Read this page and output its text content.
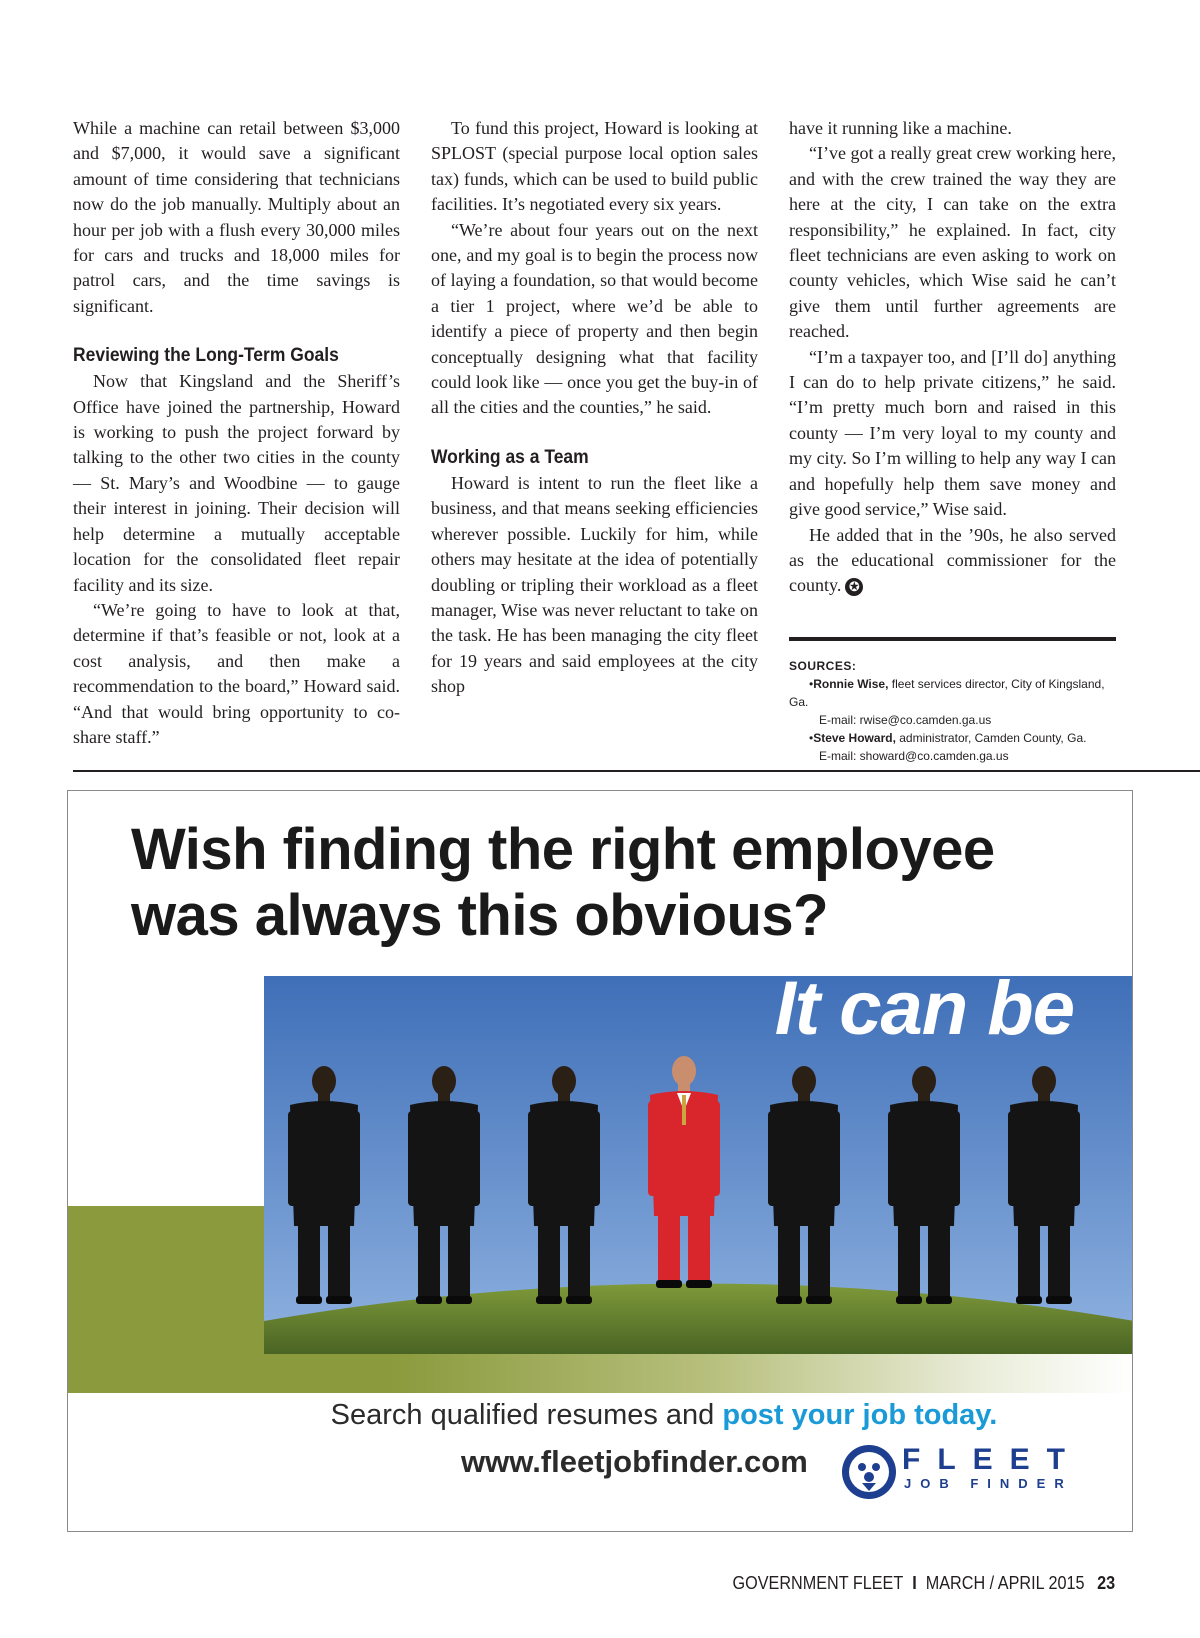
While a machine can retail between $3,000 and $7,000, it would save a significant amount of time considering that technicians now do the job manually. Multiply about an hour per job with a flush every 30,000 miles for cars and trucks and 18,000 miles for patrol cars, and the time savings is significant.

Reviewing the Long-Term Goals

Now that Kingsland and the Sheriff’s Office have joined the partnership, Howard is working to push the project forward by talking to the other two cities in the county — St. Mary’s and Woodbine — to gauge their interest in joining. Their decision will help determine a mutually acceptable location for the consolidated fleet repair facility and its size.

“We’re going to have to look at that, determine if that’s feasible or not, look at a cost analysis, and then make a recommendation to the board,” Howard said. “And that would bring opportunity to co-share staff.”

To fund this project, Howard is looking at SPLOST (special purpose local option sales tax) funds, which can be used to build public facilities. It’s negotiated every six years.

“We’re about four years out on the next one, and my goal is to begin the process now of laying a foundation, so that would become a tier 1 project, where we’d be able to identify a piece of property and then begin conceptually designing what that facility could look like — once you get the buy-in of all the cities and the counties,” he said.

Working as a Team

Howard is intent to run the fleet like a business, and that means seeking efficiencies wherever possible. Luckily for him, while others may hesitate at the idea of potentially doubling or tripling their workload as a fleet manager, Wise was never reluctant to take on the task. He has been managing the city fleet for 19 years and said employees at the city shop

have it running like a machine.

“I’ve got a really great crew working here, and with the crew trained the way they are here at the city, I can take on the extra responsibility,” he explained. In fact, city fleet technicians are even asking to work on county vehicles, which Wise said he can’t give them until further agreements are reached.

“I’m a taxpayer too, and [I’ll do] anything I can do to help private citizens,” he said. “I’m pretty much born and raised in this county — I’m very loyal to my county and my city. So I’m willing to help any way I can and hopefully help them save money and give good service,” Wise said.

He added that in the ’90s, he also served as the educational commissioner for the county. ✪

SOURCES:

•Ronnie Wise, fleet services director, City of Kingsland, Ga.

E-mail: rwise@co.camden.ga.us

•Steve Howard, administrator, Camden County, Ga.

E-mail: showard@co.camden.ga.us

Wish finding the right employee
was always this obvious?

It can be

Search qualified resumes and post your job today.

www.fleetjobfinder.com	FLEET

JOB FINDER

GOVERNMENT FLEET I MARCH / APRIL 2015 23
